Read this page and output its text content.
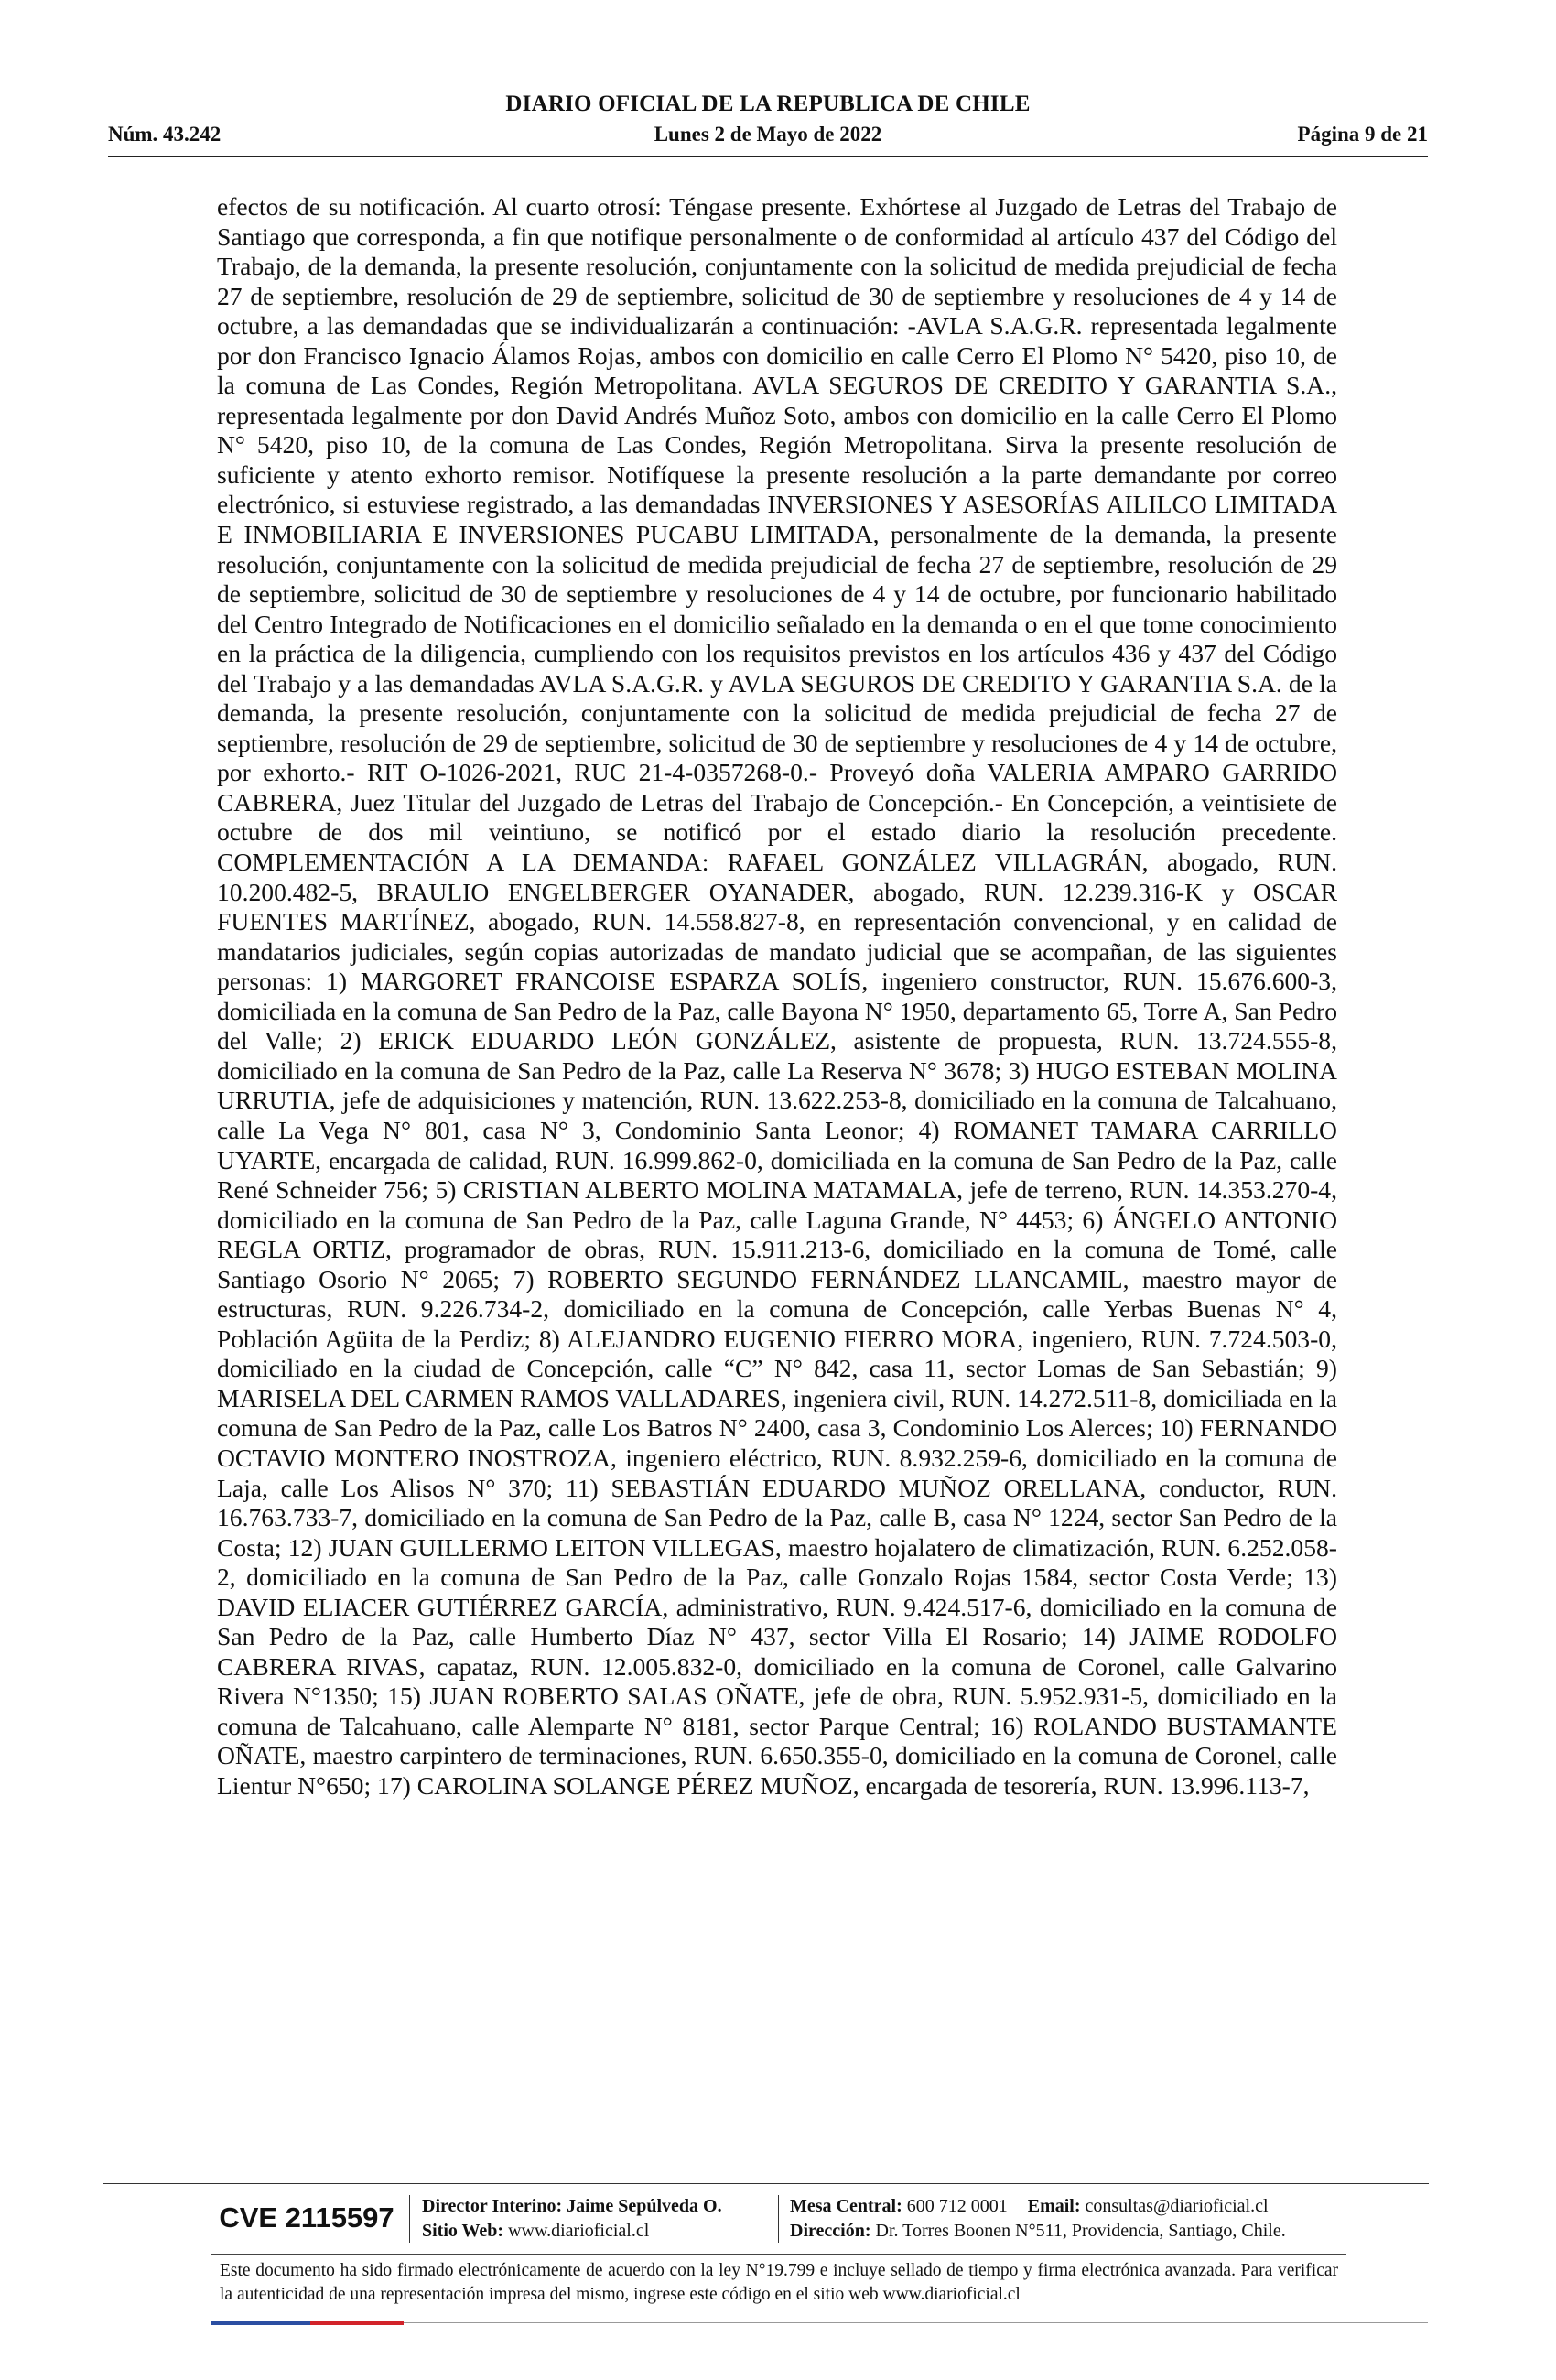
DIARIO OFICIAL DE LA REPUBLICA DE CHILE
Núm. 43.242	Lunes 2 de Mayo de 2022	Página 9 de 21
efectos de su notificación. Al cuarto otrosí: Téngase presente. Exhórtese al Juzgado de Letras del Trabajo de Santiago que corresponda, a fin que notifique personalmente o de conformidad al artículo 437 del Código del Trabajo, de la demanda, la presente resolución, conjuntamente con la solicitud de medida prejudicial de fecha 27 de septiembre, resolución de 29 de septiembre, solicitud de 30 de septiembre y resoluciones de 4 y 14 de octubre, a las demandadas que se individualizarán a continuación: -AVLA S.A.G.R. representada legalmente por don Francisco Ignacio Álamos Rojas, ambos con domicilio en calle Cerro El Plomo N° 5420, piso 10, de la comuna de Las Condes, Región Metropolitana. AVLA SEGUROS DE CREDITO Y GARANTIA S.A., representada legalmente por don David Andrés Muñoz Soto, ambos con domicilio en la calle Cerro El Plomo N° 5420, piso 10, de la comuna de Las Condes, Región Metropolitana. Sirva la presente resolución de suficiente y atento exhorto remisor. Notifíquese la presente resolución a la parte demandante por correo electrónico, si estuviese registrado, a las demandadas INVERSIONES Y ASESORÍAS AILILCO LIMITADA E INMOBILIARIA E INVERSIONES PUCABU LIMITADA, personalmente de la demanda, la presente resolución, conjuntamente con la solicitud de medida prejudicial de fecha 27 de septiembre, resolución de 29 de septiembre, solicitud de 30 de septiembre y resoluciones de 4 y 14 de octubre, por funcionario habilitado del Centro Integrado de Notificaciones en el domicilio señalado en la demanda o en el que tome conocimiento en la práctica de la diligencia, cumpliendo con los requisitos previstos en los artículos 436 y 437 del Código del Trabajo y a las demandadas AVLA S.A.G.R. y AVLA SEGUROS DE CREDITO Y GARANTIA S.A. de la demanda, la presente resolución, conjuntamente con la solicitud de medida prejudicial de fecha 27 de septiembre, resolución de 29 de septiembre, solicitud de 30 de septiembre y resoluciones de 4 y 14 de octubre, por exhorto.- RIT O-1026-2021, RUC 21-4-0357268-0.- Proveyó doña VALERIA AMPARO GARRIDO CABRERA, Juez Titular del Juzgado de Letras del Trabajo de Concepción.- En Concepción, a veintisiete de octubre de dos mil veintiuno, se notificó por el estado diario la resolución precedente. COMPLEMENTACIÓN A LA DEMANDA: RAFAEL GONZÁLEZ VILLAGRÁN, abogado, RUN. 10.200.482-5, BRAULIO ENGELBERGER OYANADER, abogado, RUN. 12.239.316-K y OSCAR FUENTES MARTÍNEZ, abogado, RUN. 14.558.827-8, en representación convencional, y en calidad de mandatarios judiciales, según copias autorizadas de mandato judicial que se acompañan, de las siguientes personas: 1) MARGORET FRANCOISE ESPARZA SOLÍS, ingeniero constructor, RUN. 15.676.600-3, domiciliada en la comuna de San Pedro de la Paz, calle Bayona N° 1950, departamento 65, Torre A, San Pedro del Valle; 2) ERICK EDUARDO LEÓN GONZÁLEZ, asistente de propuesta, RUN. 13.724.555-8, domiciliado en la comuna de San Pedro de la Paz, calle La Reserva N° 3678; 3) HUGO ESTEBAN MOLINA URRUTIA, jefe de adquisiciones y matención, RUN. 13.622.253-8, domiciliado en la comuna de Talcahuano, calle La Vega N° 801, casa N° 3, Condominio Santa Leonor; 4) ROMANET TAMARA CARRILLO UYARTE, encargada de calidad, RUN. 16.999.862-0, domiciliada en la comuna de San Pedro de la Paz, calle René Schneider 756; 5) CRISTIAN ALBERTO MOLINA MATAMALA, jefe de terreno, RUN. 14.353.270-4, domiciliado en la comuna de San Pedro de la Paz, calle Laguna Grande, N° 4453; 6) ÁNGELO ANTONIO REGLA ORTIZ, programador de obras, RUN. 15.911.213-6, domiciliado en la comuna de Tomé, calle Santiago Osorio N° 2065; 7) ROBERTO SEGUNDO FERNÁNDEZ LLANCAMIL, maestro mayor de estructuras, RUN. 9.226.734-2, domiciliado en la comuna de Concepción, calle Yerbas Buenas N° 4, Población Agüita de la Perdiz; 8) ALEJANDRO EUGENIO FIERRO MORA, ingeniero, RUN. 7.724.503-0, domiciliado en la ciudad de Concepción, calle “C” N° 842, casa 11, sector Lomas de San Sebastián; 9) MARISELA DEL CARMEN RAMOS VALLADARES, ingeniera civil, RUN. 14.272.511-8, domiciliada en la comuna de San Pedro de la Paz, calle Los Batros N° 2400, casa 3, Condominio Los Alerces; 10) FERNANDO OCTAVIO MONTERO INOSTROZA, ingeniero eléctrico, RUN. 8.932.259-6, domiciliado en la comuna de Laja, calle Los Alisos N° 370; 11) SEBASTIÁN EDUARDO MUÑOZ ORELLANA, conductor, RUN. 16.763.733-7, domiciliado en la comuna de San Pedro de la Paz, calle B, casa N° 1224, sector San Pedro de la Costa; 12) JUAN GUILLERMO LEITON VILLEGAS, maestro hojalatero de climatización, RUN. 6.252.058-2, domiciliado en la comuna de San Pedro de la Paz, calle Gonzalo Rojas 1584, sector Costa Verde; 13) DAVID ELIACER GUTIÉRREZ GARCÍA, administrativo, RUN. 9.424.517-6, domiciliado en la comuna de San Pedro de la Paz, calle Humberto Díaz N° 437, sector Villa El Rosario; 14) JAIME RODOLFO CABRERA RIVAS, capataz, RUN. 12.005.832-0, domiciliado en la comuna de Coronel, calle Galvarino Rivera N°1350; 15) JUAN ROBERTO SALAS OÑATE, jefe de obra, RUN. 5.952.931-5, domiciliado en la comuna de Talcahuano, calle Alemparte N° 8181, sector Parque Central; 16) ROLANDO BUSTAMANTE OÑATE, maestro carpintero de terminaciones, RUN. 6.650.355-0, domiciliado en la comuna de Coronel, calle Lientur N°650; 17) CAROLINA SOLANGE PÉREZ MUÑOZ, encargada de tesorería, RUN. 13.996.113-7,
CVE 2115597	Director Interino: Jaime Sepúlveda O.
Sitio Web: www.diarioficial.cl
Mesa Central: 600 712 0001 Email: consultas@diarioficial.cl
Dirección: Dr. Torres Boonen N°511, Providencia, Santiago, Chile.
Este documento ha sido firmado electrónicamente de acuerdo con la ley N°19.799 e incluye sellado de tiempo y firma electrónica avanzada. Para verificar la autenticidad de una representación impresa del mismo, ingrese este código en el sitio web www.diarioficial.cl
